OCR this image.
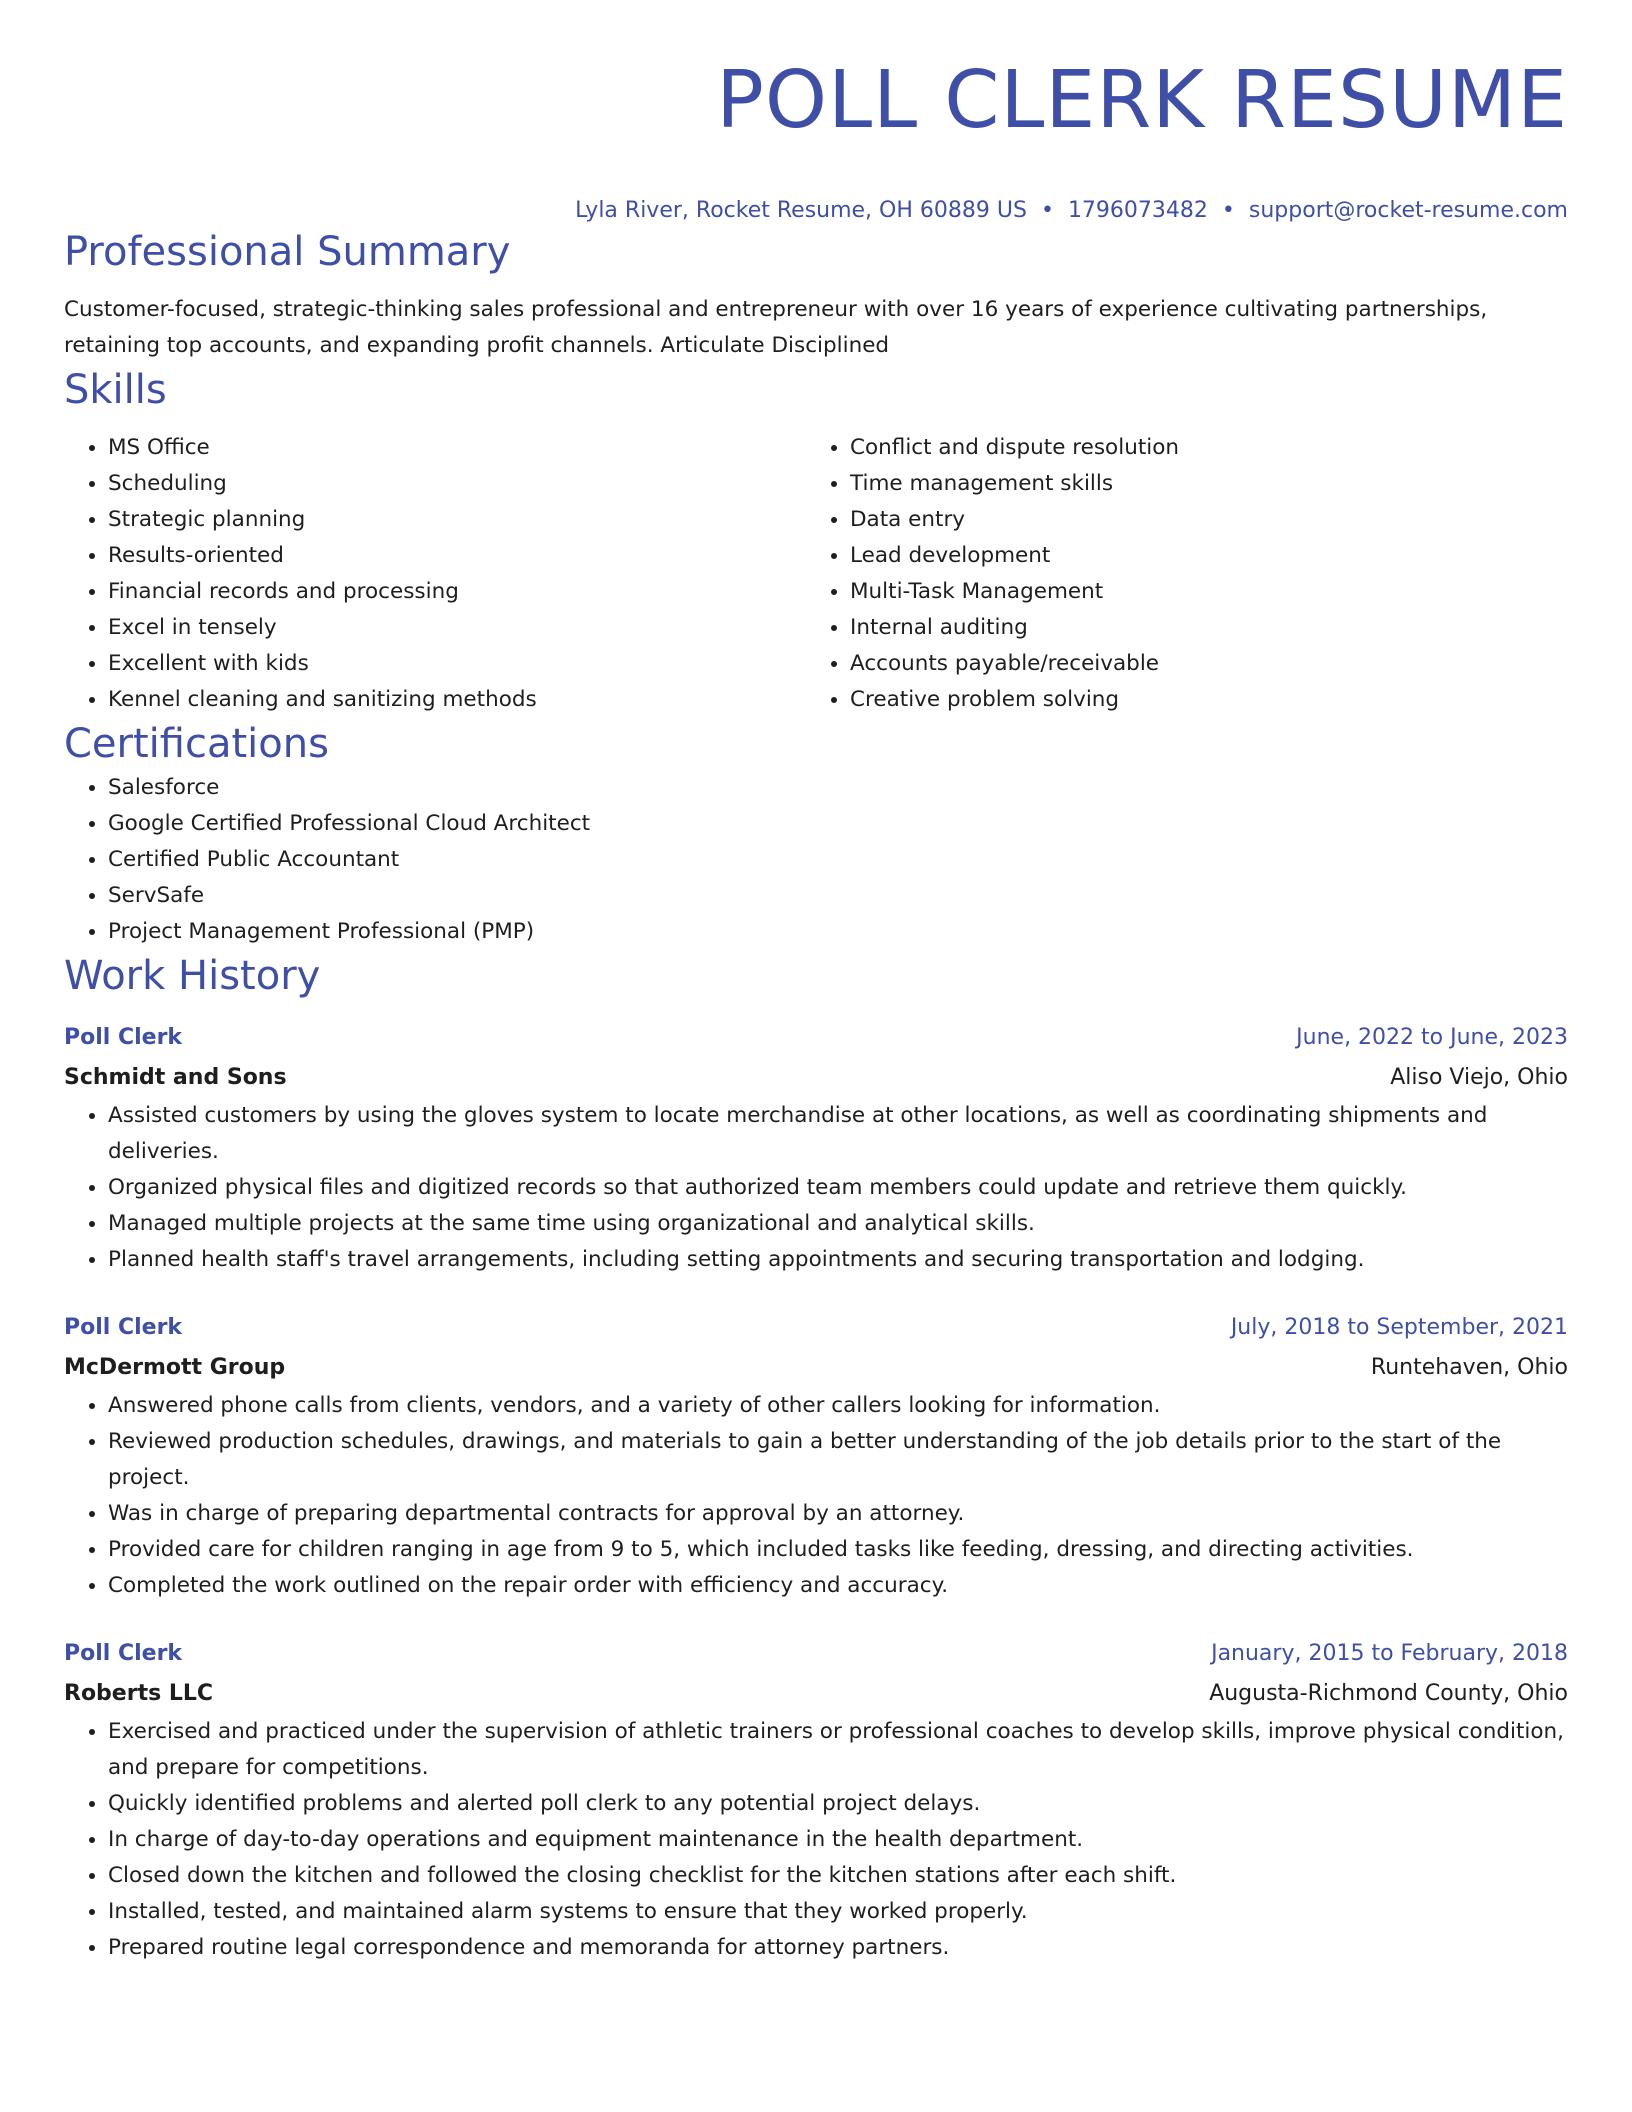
POLL CLERK RESUME
Lyla River, Rocket Resume, OH 60889 US • 1796073482 • support@rocket-resume.com
Professional Summary
Customer-focused, strategic-thinking sales professional and entrepreneur with over 16 years of experience cultivating partnerships, retaining top accounts, and expanding profit channels. Articulate Disciplined
Skills
• MS Office
• Scheduling
• Strategic planning
• Results-oriented
• Financial records and processing
• Excel in tensely
• Excellent with kids
• Kennel cleaning and sanitizing methods
• Conflict and dispute resolution
• Time management skills
• Data entry
• Lead development
• Multi-Task Management
• Internal auditing
• Accounts payable/receivable
• Creative problem solving
Certifications
• Salesforce
• Google Certified Professional Cloud Architect
• Certified Public Accountant
• ServSafe
• Project Management Professional (PMP)
Work History
Poll Clerk	June, 2022 to June, 2023
Schmidt and Sons	Aliso Viejo, Ohio
• Assisted customers by using the gloves system to locate merchandise at other locations, as well as coordinating shipments and deliveries.
• Organized physical files and digitized records so that authorized team members could update and retrieve them quickly.
• Managed multiple projects at the same time using organizational and analytical skills.
• Planned health staff's travel arrangements, including setting appointments and securing transportation and lodging.
Poll Clerk	July, 2018 to September, 2021
McDermott Group	Runtehaven, Ohio
• Answered phone calls from clients, vendors, and a variety of other callers looking for information.
• Reviewed production schedules, drawings, and materials to gain a better understanding of the job details prior to the start of the project.
• Was in charge of preparing departmental contracts for approval by an attorney.
• Provided care for children ranging in age from 9 to 5, which included tasks like feeding, dressing, and directing activities.
• Completed the work outlined on the repair order with efficiency and accuracy.
Poll Clerk	January, 2015 to February, 2018
Roberts LLC	Augusta-Richmond County, Ohio
• Exercised and practiced under the supervision of athletic trainers or professional coaches to develop skills, improve physical condition, and prepare for competitions.
• Quickly identified problems and alerted poll clerk to any potential project delays.
• In charge of day-to-day operations and equipment maintenance in the health department.
• Closed down the kitchen and followed the closing checklist for the kitchen stations after each shift.
• Installed, tested, and maintained alarm systems to ensure that they worked properly.
• Prepared routine legal correspondence and memoranda for attorney partners.
